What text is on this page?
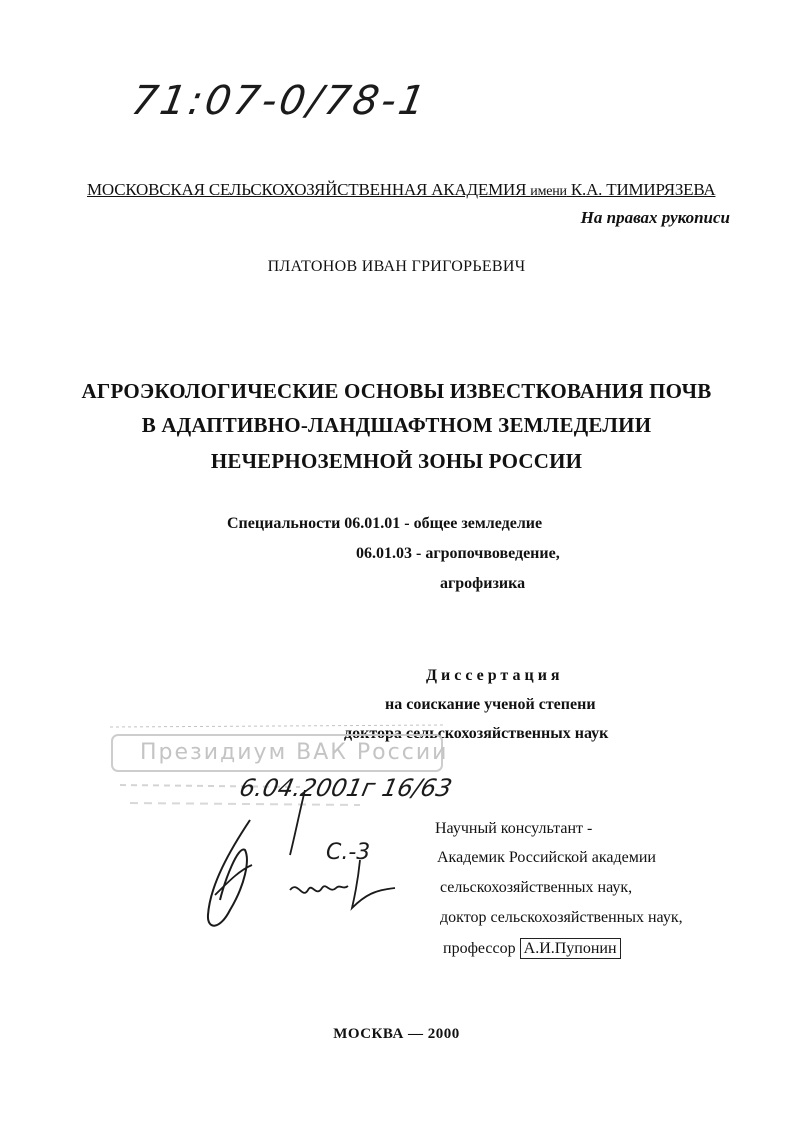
71:07-0/78-1
МОСКОВСКАЯ СЕЛЬСКОХОЗЯЙСТВЕННАЯ АКАДЕМИЯ имени К.А. ТИМИРЯЗЕВА
На правах рукописи
ПЛАТОНОВ ИВАН ГРИГОРЬЕВИЧ
АГРОЭКОЛОГИЧЕСКИЕ ОСНОВЫ ИЗВЕСТКОВАНИЯ ПОЧВ
В АДАПТИВНО-ЛАНДШАФТНОМ ЗЕМЛЕДЕЛИИ
НЕЧЕРНОЗЕМНОЙ ЗОНЫ РОССИИ
Специальности 06.01.01 - общее земледелие
06.01.03 - агропочвоведение,
агрофизика
Диссертация
на соискание ученой степени
доктора сельскохозяйственных наук
Президиум ВАК России
6.04.2001г 16/63
С.-3
Научный консультант -
Академик Российской академии
сельскохозяйственных наук,
доктор сельскохозяйственных наук,
профессор А.И.Пупонин
МОСКВА — 2000
